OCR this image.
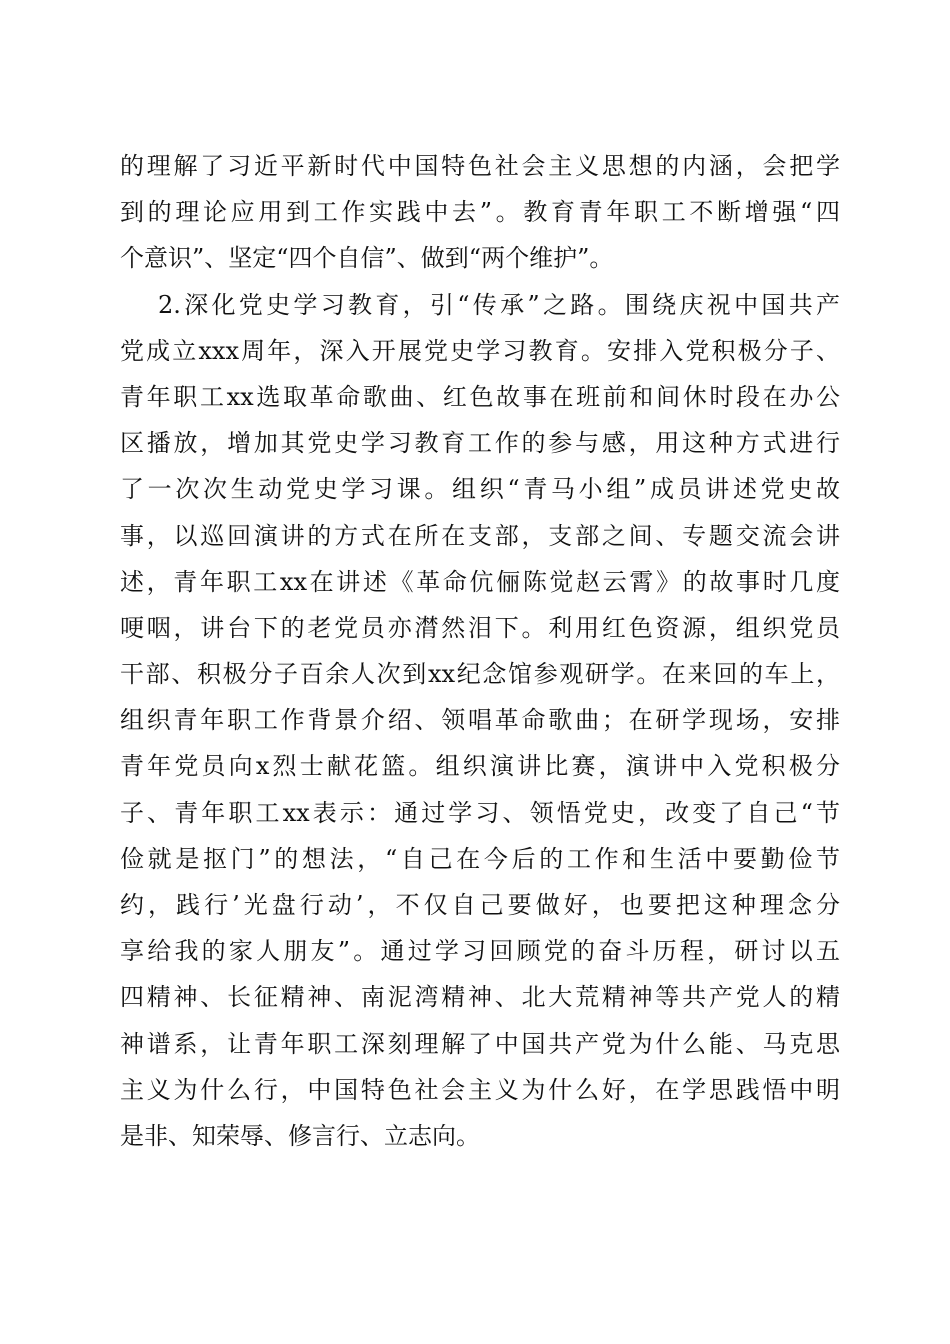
的理解了习近平新时代中国特色社会主义思想的内涵，会把学
到的理论应用到工作实践中去”。教育青年职工不断增强“四
个意识”、坚定“四个自信”、做到“两个维护”。
2.深化党史学习教育，引“传承”之路。围绕庆祝中国共产
党成立xxx周年，深入开展党史学习教育。安排入党积极分子、
青年职工xx选取革命歌曲、红色故事在班前和间休时段在办公
区播放，增加其党史学习教育工作的参与感，用这种方式进行
了一次次生动党史学习课。组织“青马小组”成员讲述党史故
事，以巡回演讲的方式在所在支部，支部之间、专题交流会讲
述，青年职工xx在讲述《革命伉俪陈觉赵云霄》的故事时几度
哽咽，讲台下的老党员亦潸然泪下。利用红色资源，组织党员
干部、积极分子百余人次到xx纪念馆参观研学。在来回的车上，
组织青年职工作背景介绍、领唱革命歌曲；在研学现场，安排
青年党员向x烈士献花篮。组织演讲比赛，演讲中入党积极分
子、青年职工xx表示：通过学习、领悟党史，改变了自己“节
俭就是抠门”的想法，“自己在今后的工作和生活中要勤俭节
约，践行’光盘行动’，不仅自己要做好，也要把这种理念分
享给我的家人朋友”。通过学习回顾党的奋斗历程，研讨以五
四精神、长征精神、南泥湾精神、北大荒精神等共产党人的精
神谱系，让青年职工深刻理解了中国共产党为什么能、马克思
主义为什么行，中国特色社会主义为什么好，在学思践悟中明
是非、知荣辱、修言行、立志向。
